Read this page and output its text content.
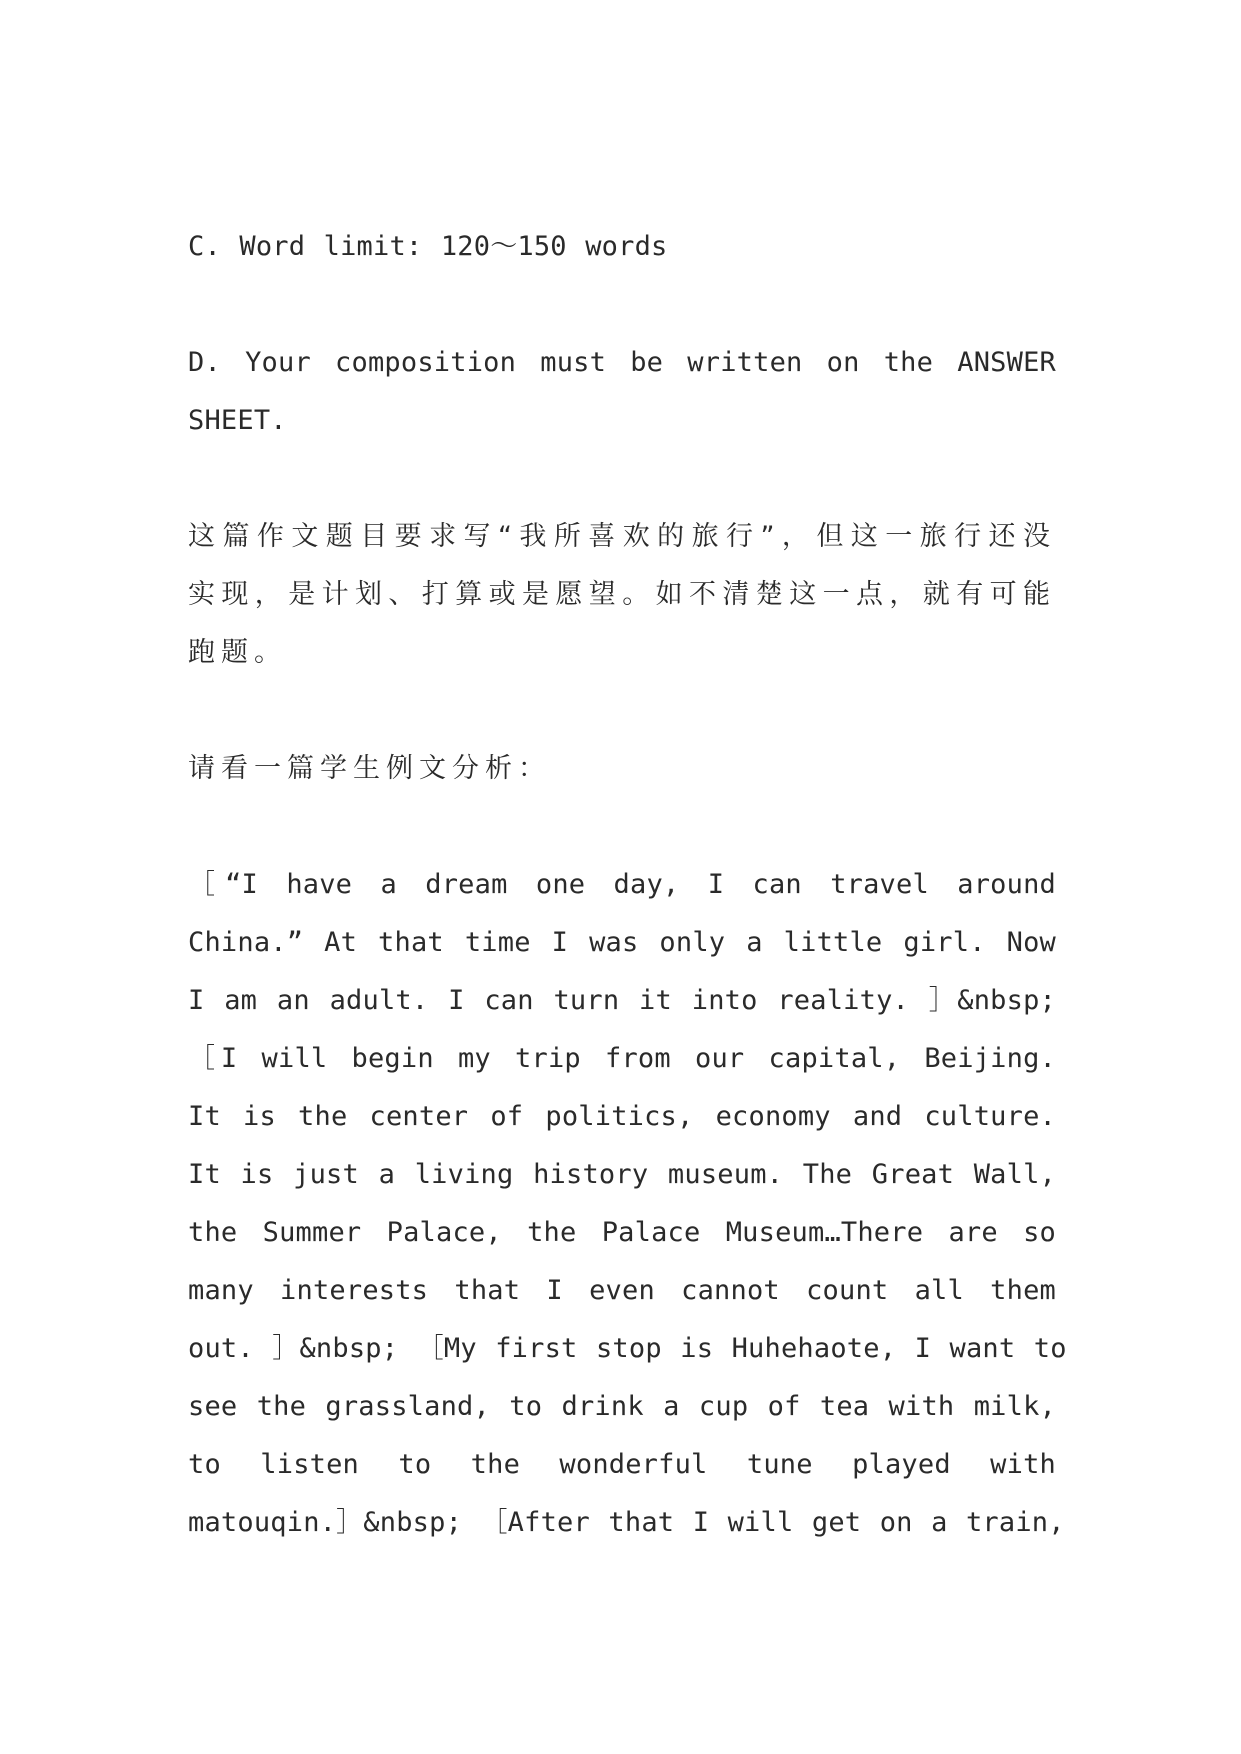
C. Word limit: 120～150 words

D. Your composition must be written on the ANSWER
SHEET.

这篇作文题目要求写“我所喜欢的旅行”，但这一旅行还没
实现，是计划、打算或是愿望。如不清楚这一点，就有可能
跑题。

请看一篇学生例文分析：

［“I have a dream one day, I can travel around
China.” At that time I was only a little girl. Now
I am an adult. I can turn it into reality. ］&nbsp;
［I will begin my trip from our capital, Beijing.
It is the center of politics, economy and culture.
It is just a living history museum. The Great Wall,
the Summer Palace, the Palace Museum…There are so
many interests that I even cannot count all them
out. ］&nbsp; ［My first stop is Huhehaote, I want to
see the grassland, to drink a cup of tea with milk,
to listen to the wonderful tune played with
matouqin.］&nbsp; ［After that I will get on a train,
